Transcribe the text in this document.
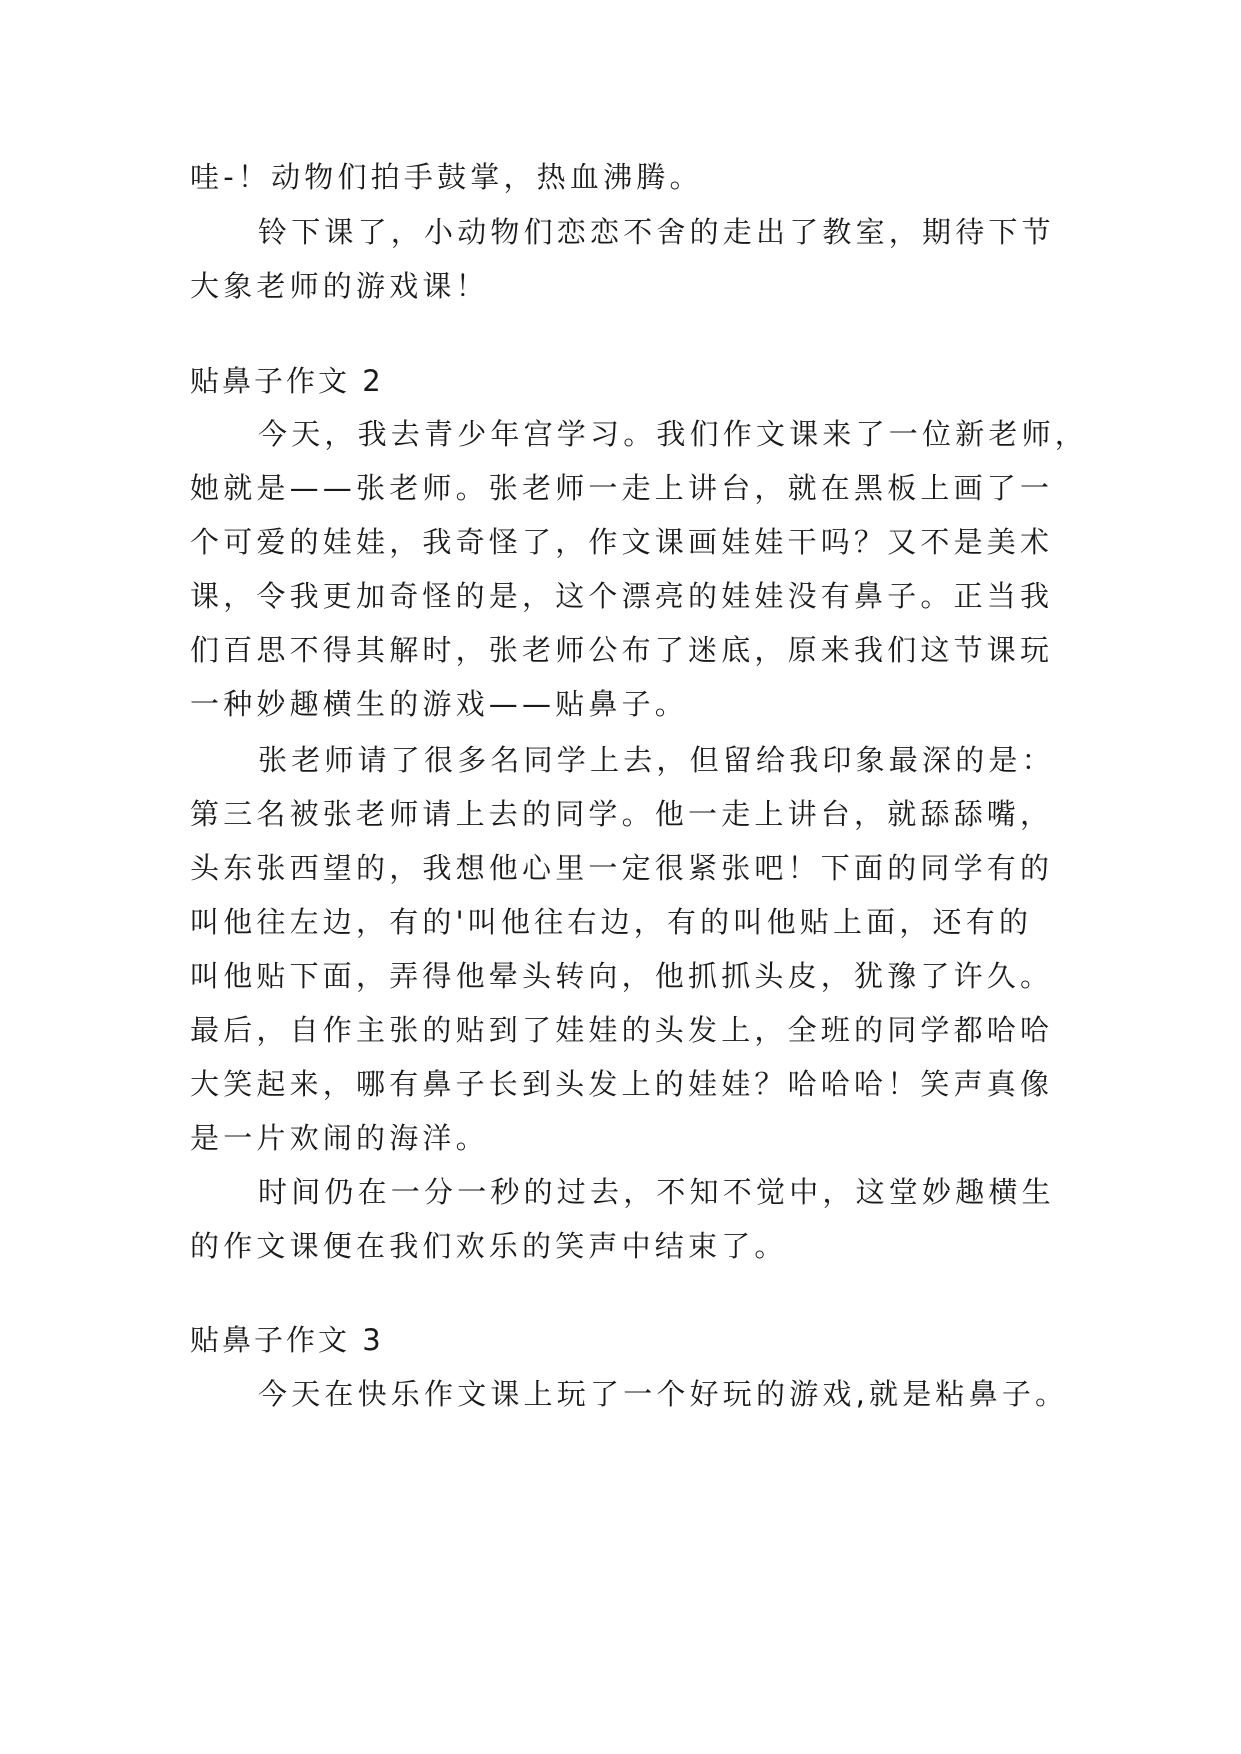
哇-！动物们拍手鼓掌，热血沸腾。
铃下课了，小动物们恋恋不舍的走出了教室，期待下节
大象老师的游戏课！
贴鼻子作文 2
今天，我去青少年宫学习。我们作文课来了一位新老师，
她就是——张老师。张老师一走上讲台，就在黑板上画了一
个可爱的娃娃，我奇怪了，作文课画娃娃干吗？又不是美术
课，令我更加奇怪的是，这个漂亮的娃娃没有鼻子。正当我
们百思不得其解时，张老师公布了迷底，原来我们这节课玩
一种妙趣横生的游戏——贴鼻子。
张老师请了很多名同学上去，但留给我印象最深的是：
第三名被张老师请上去的同学。他一走上讲台，就舔舔嘴，
头东张西望的，我想他心里一定很紧张吧！下面的同学有的
叫他往左边，有的'叫他往右边，有的叫他贴上面，还有的
叫他贴下面，弄得他晕头转向，他抓抓头皮，犹豫了许久。
最后，自作主张的贴到了娃娃的头发上，全班的同学都哈哈
大笑起来，哪有鼻子长到头发上的娃娃？哈哈哈！笑声真像
是一片欢闹的海洋。
时间仍在一分一秒的过去，不知不觉中，这堂妙趣横生
的作文课便在我们欢乐的笑声中结束了。
贴鼻子作文 3
今天在快乐作文课上玩了一个好玩的游戏,就是粘鼻子。
